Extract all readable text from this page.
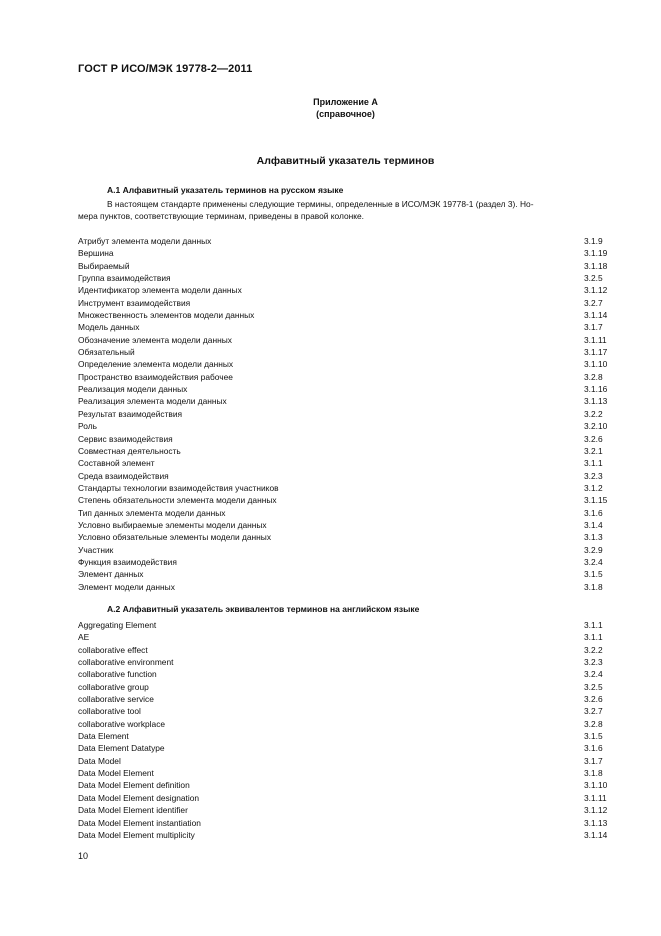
ГОСТ Р ИСО/МЭК 19778-2—2011
Приложение А
(справочное)
Алфавитный указатель терминов
А.1 Алфавитный указатель терминов на русском языке
В настоящем стандарте применены следующие термины, определенные в ИСО/МЭК 19778-1 (раздел 3). Но-
мера пунктов, соответствующие терминам, приведены в правой колонке.
Атрибут элемента модели данных	3.1.9
Вершина	3.1.19
Выбираемый	3.1.18
Группа взаимодействия	3.2.5
Идентификатор элемента модели данных	3.1.12
Инструмент взаимодействия	3.2.7
Множественность элементов модели данных	3.1.14
Модель данных	3.1.7
Обозначение элемента модели данных	3.1.11
Обязательный	3.1.17
Определение элемента модели данных	3.1.10
Пространство взаимодействия рабочее	3.2.8
Реализация модели данных	3.1.16
Реализация элемента модели данных	3.1.13
Результат взаимодействия	3.2.2
Роль	3.2.10
Сервис взаимодействия	3.2.6
Совместная деятельность	3.2.1
Составной элемент	3.1.1
Среда взаимодействия	3.2.3
Стандарты технологии взаимодействия участников	3.1.2
Степень обязательности элемента модели данных	3.1.15
Тип данных элемента модели данных	3.1.6
Условно выбираемые элементы модели данных	3.1.4
Условно обязательные элементы модели данных	3.1.3
Участник	3.2.9
Функция взаимодействия	3.2.4
Элемент данных	3.1.5
Элемент модели данных	3.1.8
А.2 Алфавитный указатель эквивалентов терминов на английском языке
Aggregating Element	3.1.1
AE	3.1.1
collaborative effect	3.2.2
collaborative environment	3.2.3
collaborative function	3.2.4
collaborative group	3.2.5
collaborative service	3.2.6
collaborative tool	3.2.7
collaborative workplace	3.2.8
Data Element	3.1.5
Data Element Datatype	3.1.6
Data Model	3.1.7
Data Model Element	3.1.8
Data Model Element definition	3.1.10
Data Model Element designation	3.1.11
Data Model Element identifier	3.1.12
Data Model Element instantiation	3.1.13
Data Model Element multiplicity	3.1.14
10
